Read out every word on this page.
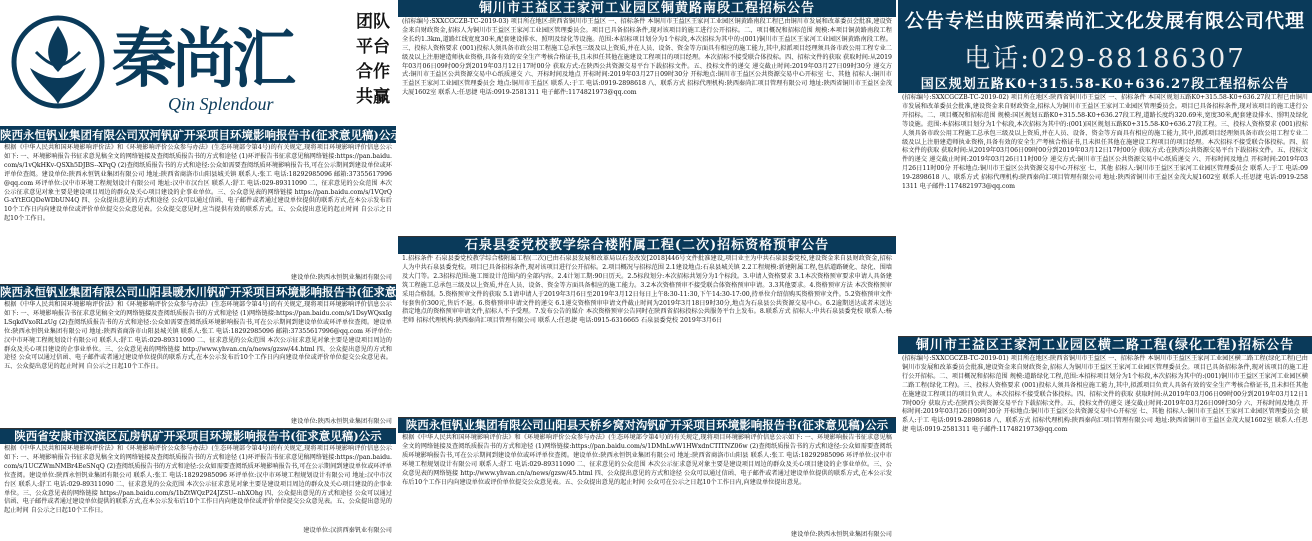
秦尚汇
Qin Splendour
团队
平台
合作
共赢
陕西永恒钒业集团有限公司双河钒矿开采项目环境影响报告书(征求意见稿)公示
根据《中华人民共和国环境影响评价法》和《环境影响评价公众参与办法》(生态环境部令第4号)的有关规定,现将项目环境影响评价信息公示如下: 一、环境影响报告书征求意见稿全文的网络链接及查阅纸质报告书的方式和途径 (1)环评报告书征求意见稿网络链接:https://pan.baidu.com/s/1vQkHKv-QSXh5DJBS--XPqQ (2)查阅纸质报告书的方式和途径:公众如需要查阅纸质环境影响报告书,可在公示期间到建设单位或环评单位查阅。建设单位:陕西永恒钒业集团有限公司 地址:陕西省商洛市山阳县城关镇 联系人:张工 电话:18292985096 邮箱:37355617996@qq.com 环评单位:汉中市环境工程规划设计有限公司 地址:汉中市汉台区 联系人:舒工 电话:029-89311090 二、征求意见的公众范围 本次公示征求意见对象主要是建设项目周边的群众及关心项目建设的企事业单位。三、公众意见表的网络链接 https://pan.baidu.com/s/1VQrQG-xYtEGQDeWDbUN4Q 四、公众提出意见的方式和途径 公众可以通过信函、电子邮件或者通过建设单位提供的联系方式,在本公示发布后10个工作日内向建设单位或评价单位提交公众意见表。公众提交意见时,应当提供有效的联系方式。五、公众提出意见的起止时间 自公示之日起10个工作日。
建设单位:陕西永恒钒业集团有限公司
陕西永恒钒业集团有限公司山阳县暖水川钒矿开采项目环境影响报告书(征求意见稿)公示
根据《中华人民共和国环境影响评价法》和《环境影响评价公众参与办法》(生态环境部令第4号)的有关规定,现将项目环境影响评价信息公示如下: 一、环境影响报告书征求意见稿全文的网络链接及查阅纸质报告书的方式和途径 (1)网络链接:https://pan.baidu.com/s/1DsyWQsxIgLSqkdVxoRLzUg (2)查阅纸质报告书的方式和途径:公众如需要查阅纸质环境影响报告书,可在公示期间到建设单位或环评单位查阅。建设单位:陕西永恒钒业集团有限公司 地址:陕西省商洛市山阳县城关镇 联系人:张工 电话:18292985096 邮箱:37355617996@qq.com 环评单位:汉中市环境工程规划设计有限公司 联系人:舒工 电话:029-89311090 二、征求意见的公众范围 本次公示征求意见对象主要是建设项目周边的群众及关心项目建设的企事业单位。三、公众意见表的网络链接 http://www.yhvan.cn/a/news/gzsw/44.html 四、公众提出意见的方式和途径 公众可以通过信函、电子邮件或者通过建设单位提供的联系方式,在本公示发布后10个工作日内向建设单位或评价单位提交公众意见表。五、公众提出意见的起止时间 自公示之日起10个工作日。
建设单位:陕西永恒钒业集团有限公司
陕西省安康市汉滨区瓦房钒矿开采项目环境影响报告书(征求意见稿)公示
根据《中华人民共和国环境影响评价法》和《环境影响评价公众参与办法》(生态环境部令第4号)的有关规定,现将项目环境影响评价信息公示如下: 一、环境影响报告书征求意见稿全文的网络链接及查阅纸质报告书的方式和途径 (1)环评报告书征求意见稿网络链接:https://pan.baidu.com/s/1UCZWmNMBr4EeSNqQ (2)查阅纸质报告书的方式和途径:公众如需要查阅纸质环境影响报告书,可在公示期间到建设单位或环评单位查阅。建设单位:陕西永恒钒业集团有限公司 联系人:张工 电话:18292985096 环评单位:汉中市环境工程规划设计有限公司 地址:汉中市汉台区 联系人:舒工 电话:029-89311090 二、征求意见的公众范围 本次公示征求意见对象主要是建设项目周边的群众及关心项目建设的企事业单位。三、公众意见表的网络链接 https://pan.baidu.com/s/1bZtWQzP24JZSU--nhXOhg 四、公众提出意见的方式和途径 公众可以通过信函、电子邮件或者通过建设单位提供的联系方式,在本公示发布后10个工作日内向建设单位或评价单位提交公众意见表。五、公众提出意见的起止时间 自公示之日起10个工作日。
建设单位:汉滨西秦钒业有限公司
铜川市王益区王家河工业园区铜黄路南段工程招标公告
(招标编号:SXXCGCZB-TC-2019-03) 项目所在地区:陕西省铜川市王益区 一、招标条件 本铜川市王益区王家河工业园区铜黄路南段工程已由铜川市发展和改革委员会批准,建设资金来自财政资金,招标人为铜川市王益区王家河工业园区管理委员会。项目已具备招标条件,现对该项目的施工进行公开招标。二、项目概况和招标范围 规模:本项目铜黄路南段工程全长约1.3km,道路红线宽度30米,配套建设排水、照明及绿化等设施。范围:本招标项目划分为1个标段,本次招标为其中的:(001)铜川市王益区王家河工业园区铜黄路南段工程。三、投标人资格要求 (001)投标人须具备市政公用工程施工总承包三级及以上资质,并在人员、设备、资金等方面具有相应的施工能力,其中,拟派项目经理须具备市政公用工程专业二级及以上注册建造师执业资格,具备有效的安全生产考核合格证书,且未担任其他在施建设工程项目的项目经理。本次招标不接受联合体投标。四、招标文件的获取 获取时间:从2019年03月06日09时00分到2019年03月12日17时00分 获取方式:在陕西公共资源交易平台下载招标文件。五、投标文件的递交 递交截止时间:2019年03月27日09时30分 递交方式:铜川市王益区公共资源交易中心纸质递交 六、开标时间及地点 开标时间:2019年03月27日09时30分 开标地点:铜川市王益区公共资源交易中心开标室 七、其他 招标人:铜川市王益区王家河工业园区管理委员会 地点:铜川市王益区 联系人:于工 电话:0919-2898618 八、联系方式 招标代理机构:陕西秦尚汇项目管理有限公司 地址:陕西省铜川市王益区金茂大厦1602室 联系人:任思捷 电话:0919-2581311 电子邮件:1174821973@qq.com
石泉县委党校教学综合楼附属工程(二次)招标资格预审公告
1.招标条件 石泉县委党校教学综合楼附属工程(二次)已由石泉县发展和改革局以石发改发[2018]446号文件批准建设,项目业主为中共石泉县委党校,建设资金来自县财政资金,招标人为中共石泉县委党校。项目已具备招标条件,现对该项目进行公开招标。2.项目概况与招标范围 2.1建设地点:石泉县城关镇 2.2工程规模:新建附属工程,包括道路硬化、绿化、围墙及大门等。2.3招标范围:施工图设计范围内的全部内容。2.4计划工期:90日历天。2.5标段划分:本次招标共划分为1个标段。3.申请人资格要求 3.1本次资格预审要求申请人具备建筑工程施工总承包三级及以上资质,并在人员、设备、资金等方面具备相应的施工能力。3.2本次资格预审不接受联合体资格预审申请。3.3其他要求。4.资格预审方法 本次资格预审采用合格制。5.资格预审文件的获取 5.1请申请人于2019年3月6日至2019年3月12日每日上午8:30-11:30,下午14:30-17:00,持单位介绍信购买资格预审文件。5.2资格预审文件每套售价300元,售后不退。6.资格预审申请文件的递交 6.1递交资格预审申请文件截止时间为2019年3月18日9时30分,地点为石泉县公共资源交易中心。6.2逾期送达或者未送达指定地点的资格预审申请文件,招标人不予受理。7.发布公告的媒介 本次资格预审公告同时在陕西省招标投标公共服务平台上发布。8.联系方式 招标人:中共石泉县委党校 联系人:杨老师 招标代理机构:陕西秦尚汇项目管理有限公司 联系人:任思捷 电话:0915-6316665 石泉县委党校 2019年3月6日
陕西永恒钒业集团有限公司山阳县天桥乡窝对沟钒矿开采项目环境影响报告书(征求意见稿)公示
根据《中华人民共和国环境影响评价法》和《环境影响评价公众参与办法》(生态环境部令第4号)的有关规定,现将项目环境影响评价信息公示如下: 一、环境影响报告书征求意见稿全文的网络链接及查阅纸质报告书的方式和途径 (1)网络链接:https://pan.baidu.com/s/1DMhLwW1HWxdnCTITNZ06w (2)查阅纸质报告书的方式和途径:公众如需要查阅纸质环境影响报告书,可在公示期间到建设单位或环评单位查阅。建设单位:陕西永恒钒业集团有限公司 地址:陕西省商洛市山阳县 联系人:张工 电话:18292985096 环评单位:汉中市环境工程规划设计有限公司 联系人:舒工 电话:029-89311090 二、征求意见的公众范围 本次公示征求意见对象主要是建设项目周边的群众及关心项目建设的企事业单位。三、公众意见表的网络链接 http://www.yhvan.cn/a/news/gzsw/45.html 四、公众提出意见的方式和途径 公众可以通过信函、电子邮件或者通过建设单位提供的联系方式,在本公示发布后10个工作日内向建设单位或评价单位提交公众意见表。五、公众提出意见的起止时间 公众可在公示之日起10个工作日内,向建设单位提出意见。
建设单位:陕西永恒钒业集团有限公司
公告专栏由陕西秦尚汇文化发展有限公司代理
电话:029-88186307
国区规划五路K0+315.58-K0+636.27段工程招标公告
(招标编号:SXXCGCZB-TC-2019-02) 项目所在地区:陕西省铜川市王益区 一、招标条件 本国区规划五路K0+315.58-K0+636.27段工程已由铜川市发展和改革委员会批准,建设资金来自财政资金,招标人为铜川市王益区王家河工业园区管理委员会。项目已具备招标条件,现对该项目的施工进行公开招标。二、项目概况和招标范围 规模:国区规划五路K0+315.58-K0+636.27段工程,道路长度约320.69米,宽度30米,配套建设排水、照明及绿化等设施。范围:本招标项目划分为1个标段,本次招标为其中的:(001)国区规划五路K0+315.58-K0+636.27段工程。三、投标人资格要求 (001)投标人须具备市政公用工程施工总承包三级及以上资质,并在人员、设备、资金等方面具有相应的施工能力,其中,拟派项目经理须具备市政公用工程专业二级及以上注册建造师执业资格,具备有效的安全生产考核合格证书,且未担任其他在施建设工程项目的项目经理。本次招标不接受联合体投标。四、招标文件的获取 获取时间:从2019年03月06日09时00分到2019年03月12日17时00分 获取方式:在陕西公共资源交易平台下载招标文件。五、投标文件的递交 递交截止时间:2019年03月26日11时00分 递交方式:铜川市王益区公共资源交易中心纸质递交 六、开标时间及地点 开标时间:2019年03月26日11时00分 开标地点:铜川市王益区公共资源交易中心开标室 七、其他 招标人:铜川市王益区王家河工业园区管理委员会 联系人:于工 电话:0919-2898618 八、联系方式 招标代理机构:陕西秦尚汇项目管理有限公司 地址:陕西省铜川市王益区金茂大厦1602室 联系人:任思捷 电话:0919-2581311 电子邮件:1174821973@qq.com
铜川市王益区王家河工业园区横二路工程(绿化工程)招标公告
(招标编号:SXXCGCZB-TC-2019-01) 项目所在地区:陕西省铜川市王益区 一、招标条件 本铜川市王益区王家河工业园区横二路工程(绿化工程)已由铜川市发展和改革委员会批准,建设资金来自财政资金,招标人为铜川市王益区王家河工业园区管理委员会。项目已具备招标条件,现对该项目的施工进行公开招标。二、项目概况和招标范围 规模:道路绿化工程,范围:本招标项目划分为1个标段,本次招标为其中的:(001)铜川市王益区王家河工业园区横二路工程(绿化工程)。三、投标人资格要求 (001)投标人须具备相应施工能力,其中,拟派项目负责人具备有效的安全生产考核合格证书,且未担任其他在施建设工程项目的项目负责人。本次招标不接受联合体投标。四、招标文件的获取 获取时间:从2019年03月06日09时00分到2019年03月12日17时00分 获取方式:在陕西公共资源交易平台下载招标文件。五、投标文件的递交 递交截止时间:2019年03月26日09时30分 六、开标时间及地点 开标时间:2019年03月26日09时30分 开标地点:铜川市王益区公共资源交易中心开标室 七、其他 招标人:铜川市王益区王家河工业园区管理委员会 联系人:于工 电话:0919-2898618 八、联系方式 招标代理机构:陕西秦尚汇项目管理有限公司 地址:陕西省铜川市王益区金茂大厦1602室 联系人:任思捷 电话:0919-2581311 电子邮件:1174821973@qq.com
